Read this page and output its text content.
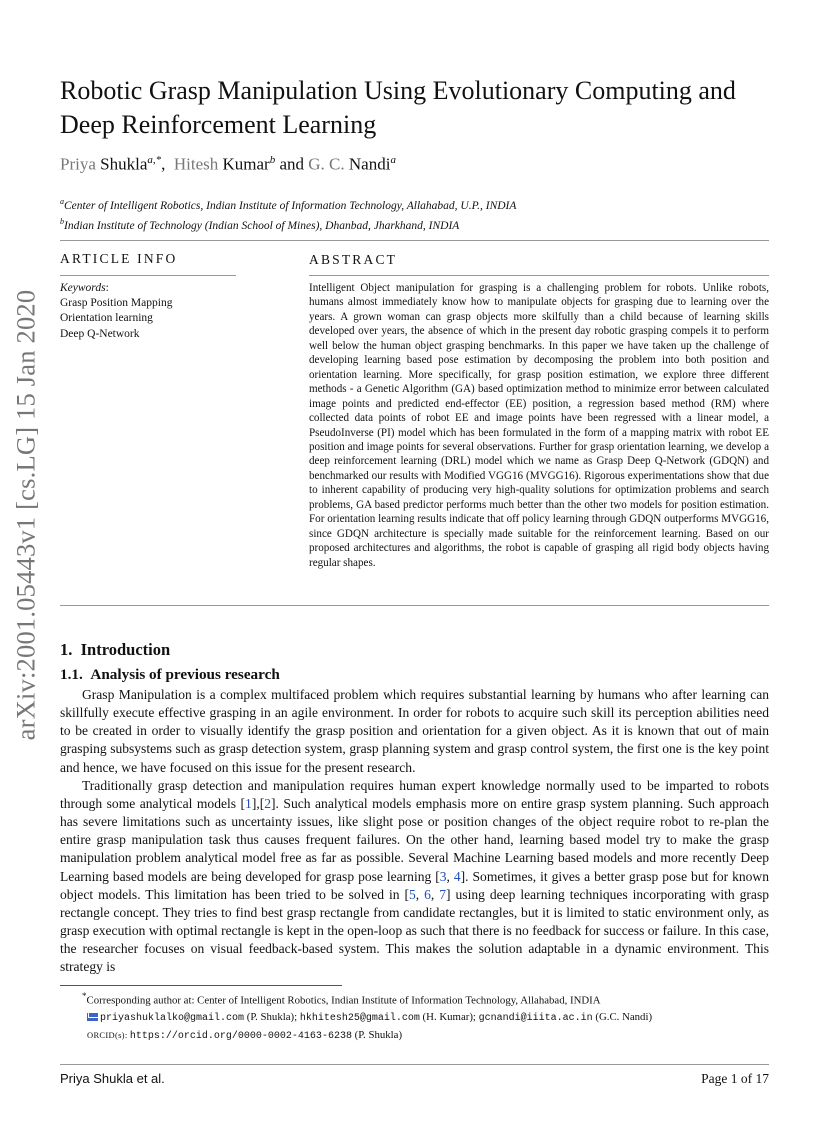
arXiv:2001.05443v1 [cs.LG] 15 Jan 2020
Robotic Grasp Manipulation Using Evolutionary Computing and Deep Reinforcement Learning
Priya Shukla$^{a,*}$, Hitesh Kumar$^b$ and G. C. Nandi$^a$
$^a$Center of Intelligent Robotics, Indian Institute of Information Technology, Allahabad, U.P., INDIA
$^b$Indian Institute of Technology (Indian School of Mines), Dhanbad, Jharkhand, INDIA
ARTICLE INFO
Keywords:
Grasp Position Mapping
Orientation learning
Deep Q-Network
ABSTRACT

Intelligent Object manipulation for grasping is a challenging problem for robots. Unlike robots, humans almost immediately know how to manipulate objects for grasping due to learning over the years. A grown woman can grasp objects more skilfully than a child because of learning skills developed over years, the absence of which in the present day robotic grasping compels it to perform well below the human object grasping benchmarks. In this paper we have taken up the challenge of developing learning based pose estimation by decomposing the problem into both position and orientation learning. More specifically, for grasp position estimation, we explore three different methods - a Genetic Algorithm (GA) based optimization method to minimize error between calculated image points and predicted end-effector (EE) position, a regression based method (RM) where collected data points of robot EE and image points have been regressed with a linear model, a PseudoInverse (PI) model which has been formulated in the form of a mapping matrix with robot EE position and image points for several observations. Further for grasp orientation learning, we develop a deep reinforcement learning (DRL) model which we name as Grasp Deep Q-Network (GDQN) and benchmarked our results with Modified VGG16 (MVGG16). Rigorous experimentations show that due to inherent capability of producing very high-quality solutions for optimization problems and search problems, GA based predictor performs much better than the other two models for position estimation. For orientation learning results indicate that off policy learning through GDQN outperforms MVGG16, since GDQN architecture is specially made suitable for the reinforcement learning. Based on our proposed architectures and algorithms, the robot is capable of grasping all rigid body objects having regular shapes.

1. Introduction
1.1. Analysis of previous research

Grasp Manipulation is a complex multifaced problem which requires substantial learning by humans who after learning can skillfully execute effective grasping in an agile environment. In order for robots to acquire such skill its perception abilities need to be created in order to visually identify the grasp position and orientation for a given object. As it is known that out of main grasping subsystems such as grasp detection system, grasp planning system and grasp control system, the first one is the key point and hence, we have focused on this issue for the present research.

Traditionally grasp detection and manipulation requires human expert knowledge normally used to be imparted to robots through some analytical models [1],[2]. Such analytical models emphasis more on entire grasp system planning. Such approach has severe limitations such as uncertainty issues, like slight pose or position changes of the object require robot to re-plan the entire grasp manipulation task thus causes frequent failures. On the other hand, learning based model try to make the grasp manipulation problem analytical model free as far as possible. Several Machine Learning based models and more recently Deep Learning based models are being developed for grasp pose learning [3, 4]. Sometimes, it gives a better grasp pose but for known object models. This limitation has been tried to be solved in [5, 6, 7] using deep learning techniques incorporating with grasp rectangle concept. They tries to find best grasp rectangle from candidate rectangles, but it is limited to static environment only, as grasp execution with optimal rectangle is kept in the open-loop as such that there is no feedback for success or failure. In this case, the researcher focuses on visual feedback-based system. This makes the solution adaptable in a dynamic environment. This strategy is

*Corresponding author at: Center of Intelligent Robotics, Indian Institute of Information Technology, Allahabad, INDIA
priyashuklalko@gmail.com (P. Shukla); hkhitesh25@gmail.com (H. Kumar); gcnandi@iiita.ac.in (G.C. Nandi)
ORCID(s): https://orcid.org/0000-0002-4163-6238 (P. Shukla)
Priya Shukla et al.	Page 1 of 17
